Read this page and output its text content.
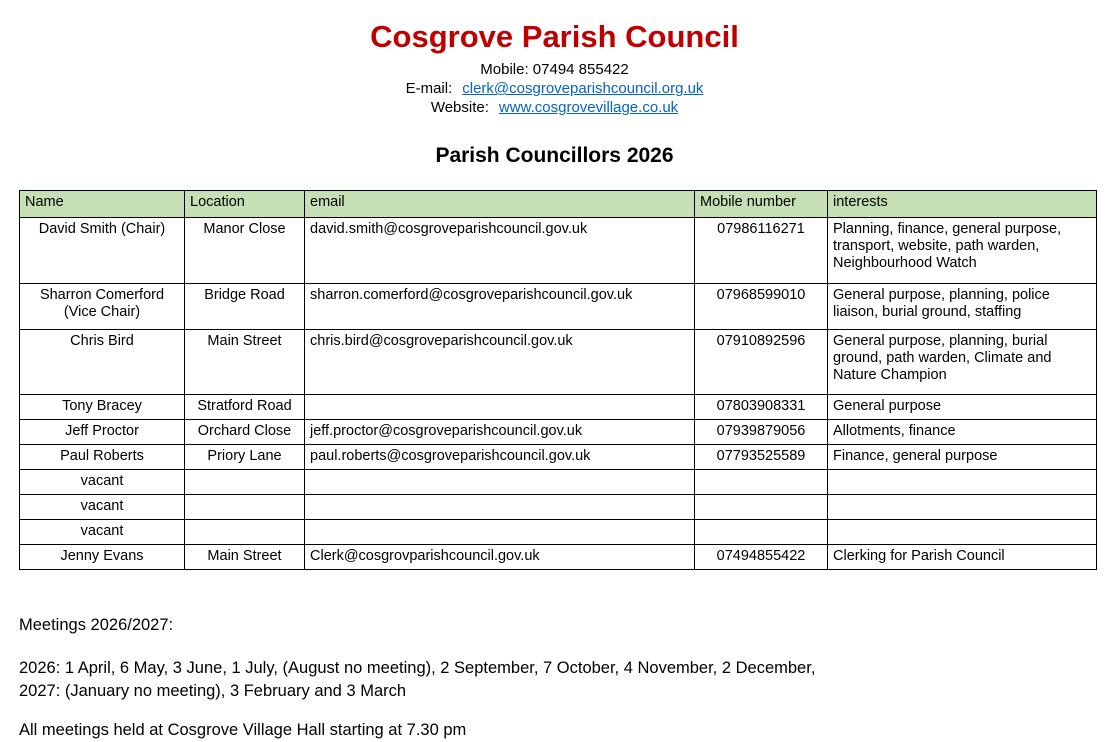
Cosgrove Parish Council
Mobile: 07494 855422
E-mail: clerk@cosgroveparishcouncil.org.uk
Website: www.cosgrovevillage.co.uk
Parish Councillors 2026
Name	Location	email	Mobile number	interests
David Smith (Chair)	Manor Close	david.smith@cosgroveparishcouncil.gov.uk	07986116271	Planning, finance, general purpose, transport, website, path warden, Neighbourhood Watch
Sharron Comerford (Vice Chair)	Bridge Road	sharron.comerford@cosgroveparishcouncil.gov.uk	07968599010	General purpose, planning, police liaison, burial ground, staffing
Chris Bird	Main Street	chris.bird@cosgroveparishcouncil.gov.uk	07910892596	General purpose, planning, burial ground, path warden, Climate and Nature Champion
Tony Bracey	Stratford Road		07803908331	General purpose
Jeff Proctor	Orchard Close	jeff.proctor@cosgroveparishcouncil.gov.uk	07939879056	Allotments, finance
Paul Roberts	Priory Lane	paul.roberts@cosgroveparishcouncil.gov.uk	07793525589	Finance, general purpose
vacant				
vacant				
vacant				
Jenny Evans	Main Street	Clerk@cosgrovparishcouncil.gov.uk	07494855422	Clerking for Parish Council

Meetings 2026/2027:

2026: 1 April, 6 May, 3 June, 1 July, (August no meeting), 2 September, 7 October, 4 November, 2 December,

2027: (January no meeting), 3 February and 3 March

All meetings held at Cosgrove Village Hall starting at 7.30 pm
